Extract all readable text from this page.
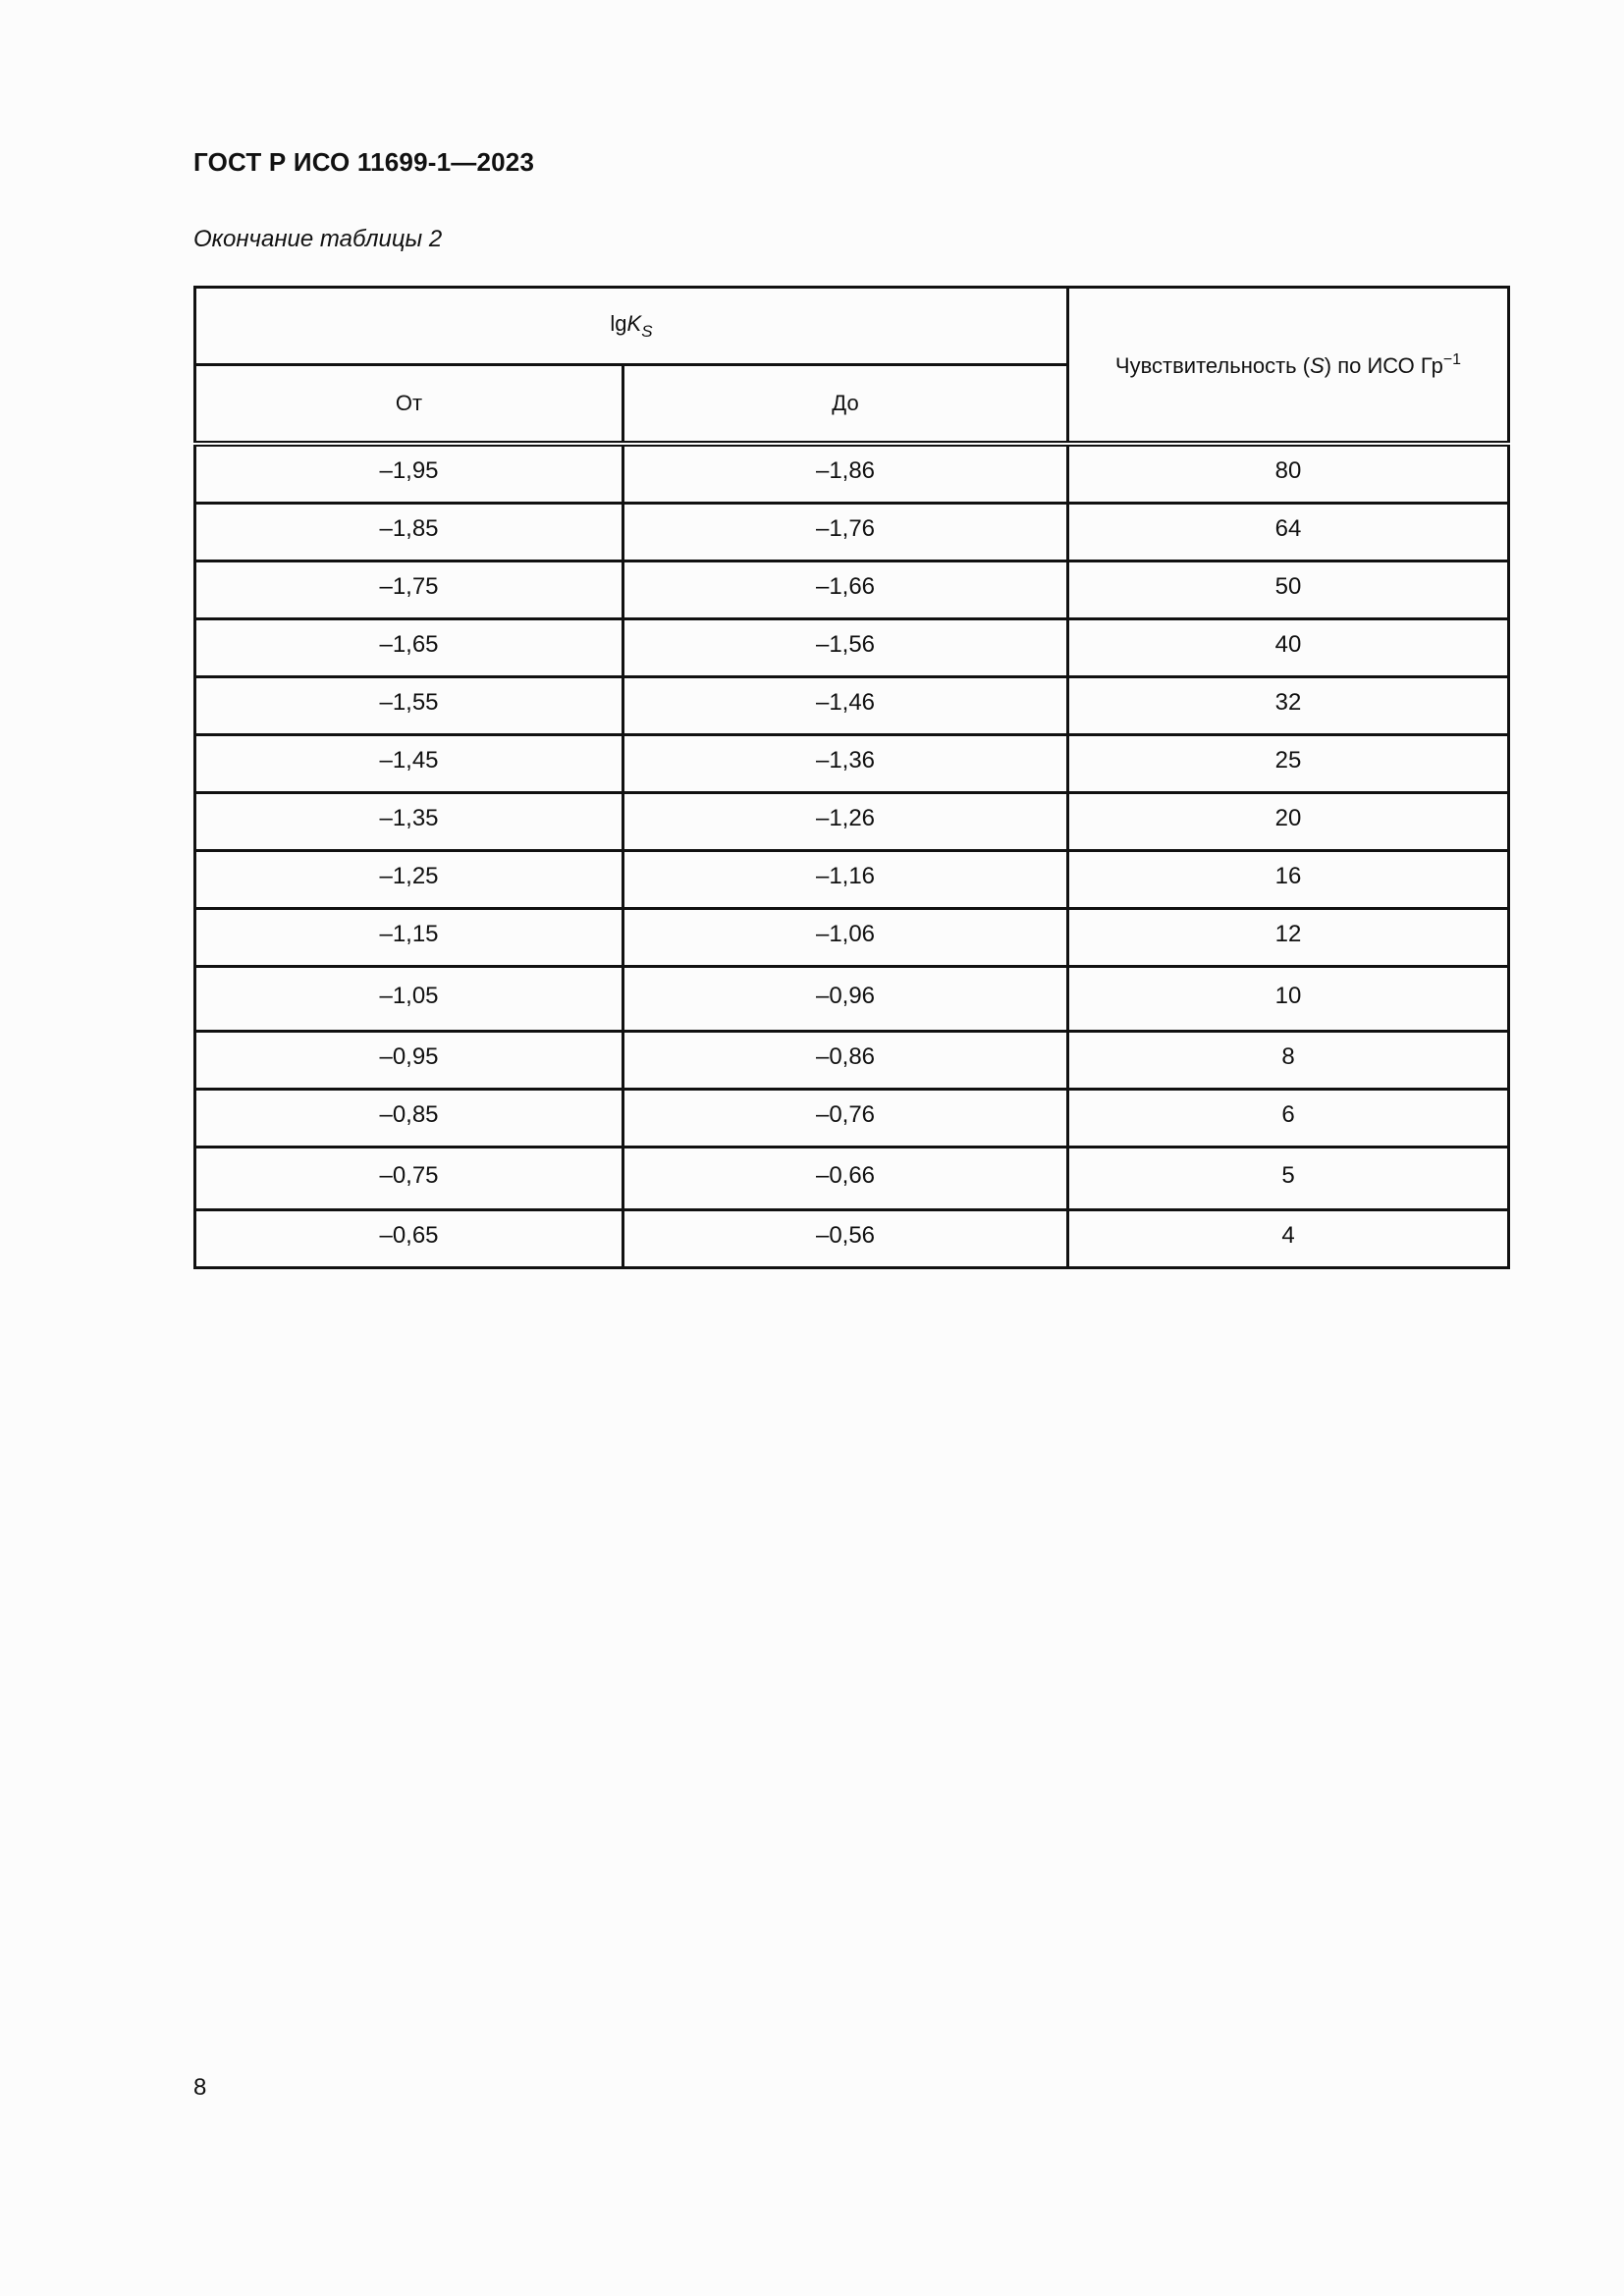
ГОСТ Р ИСО 11699-1—2023
Окончание таблицы 2
lgK$_S$		Чувствительность (S) по ИСО $Гр^{-1}$
От	До	
–1,95	–1,86	80
–1,85	–1,76	64
–1,75	–1,66	50
–1,65	–1,56	40
–1,55	–1,46	32
–1,45	–1,36	25
–1,35	–1,26	20
–1,25	–1,16	16
–1,15	–1,06	12
–1,05	–0,96	10
–0,95	–0,86	8
–0,85	–0,76	6
–0,75	–0,66	5
–0,65	–0,56	4
8
